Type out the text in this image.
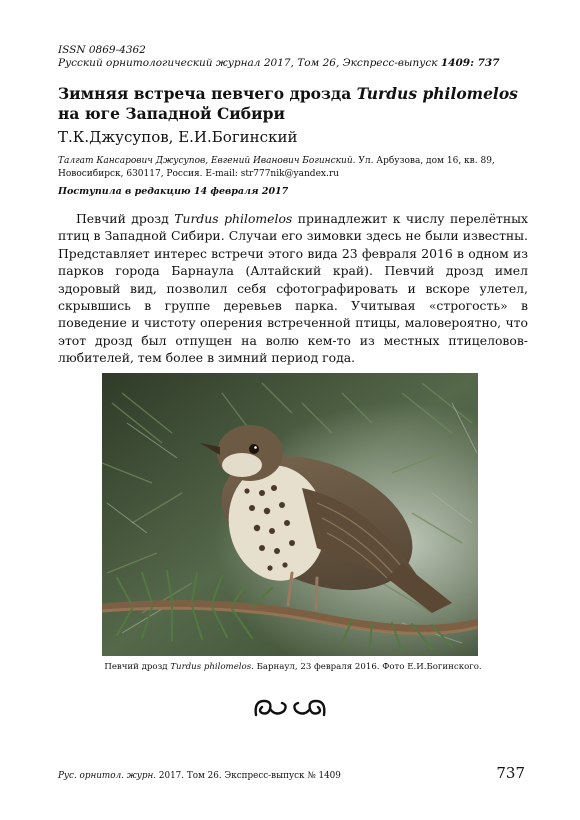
ISSN 0869-4362
Русский орнитологический журнал 2017, Том 26, Экспресс-выпуск 1409: 737
Зимняя встреча певчего дрозда Turdus philomelos на юге Западной Сибири
Т.К.Джусупов, Е.И.Богинский
Талгат Кансарович Джусупов, Евгений Иванович Богинский. Ул. Арбузова, дом 16, кв. 89, Новосибирск, 630117, Россия. E-mail: str777nik@yandex.ru
Поступила в редакцию 14 февраля 2017

Певчий дрозд Turdus philomelos принадлежит к числу перелётных птиц в Западной Сибири. Случаи его зимовки здесь не были известны. Представляет интерес встречи этого вида 23 февраля 2016 в одном из парков города Барнаула (Алтайский край). Певчий дрозд имел здоровый вид, позволил себя сфотографировать и вскоре улетел, скрывшись в группе деревьев парка. Учитывая «строгость» в поведение и чистоту оперения встреченной птицы, маловероятно, что этот дрозд был отпущен на волю кем-то из местных птицеловов-любителей, тем более в зимний период года.

Певчий дрозд Turdus philomelos. Барнаул, 23 февраля 2016. Фото Е.И.Богинского.
Рус. орнитол. журн. 2017. Том 26. Экспресс-выпуск № 1409	737
